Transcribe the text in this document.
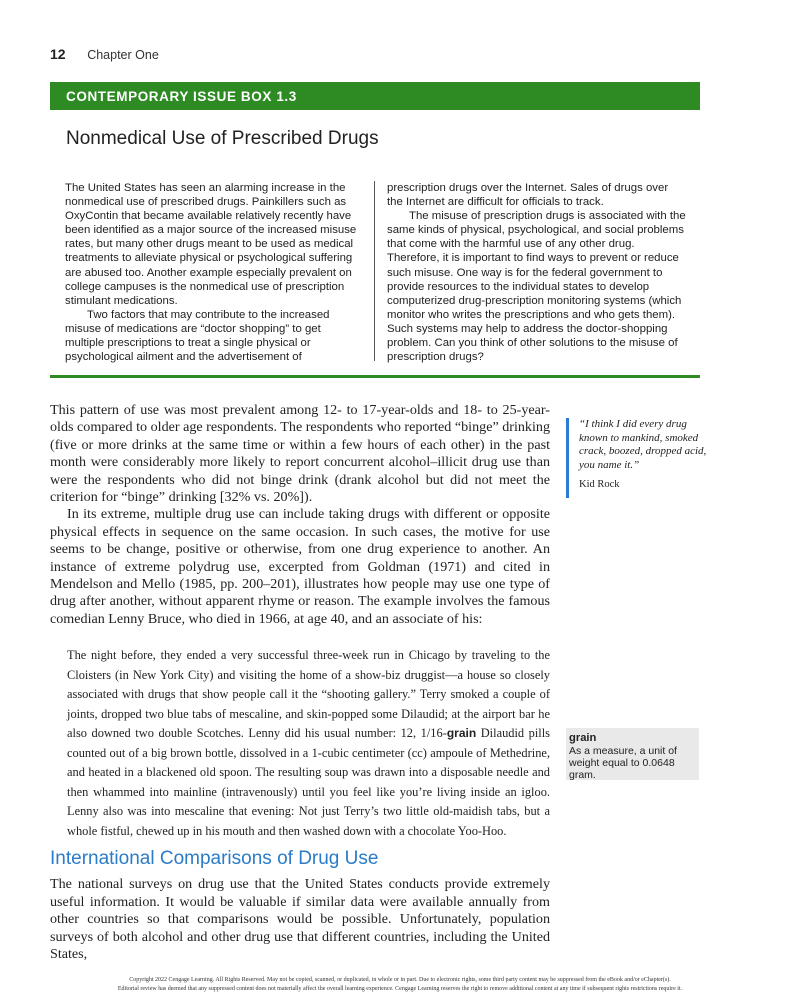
12 Chapter One
CONTEMPORARY ISSUE BOX 1.3
Nonmedical Use of Prescribed Drugs

The United States has seen an alarming increase in the nonmedical use of prescribed drugs. Painkillers such as OxyContin that became available relatively recently have been identified as a major source of the increased misuse rates, but many other drugs meant to be used as medical treatments to alleviate physical or psychological suffering are abused too. Another example especially prevalent on college campuses is the nonmedical use of prescription stimulant medications.

Two factors that may contribute to the increased misuse of medications are “doctor shopping” to get multiple prescriptions to treat a single physical or psychological ailment and the advertisement of

prescription drugs over the Internet. Sales of drugs over the Internet are difficult for officials to track.

The misuse of prescription drugs is associated with the same kinds of physical, psychological, and social problems that come with the harmful use of any other drug. Therefore, it is important to find ways to prevent or reduce such misuse. One way is for the federal government to provide resources to the individual states to develop computerized drug-prescription monitoring systems (which monitor who writes the prescriptions and who gets them). Such systems may help to address the doctor-shopping problem. Can you think of other solutions to the misuse of prescription drugs?

This pattern of use was most prevalent among 12- to 17-year-olds and 18- to 25-year-olds compared to older age respondents. The respondents who reported “binge” drinking (five or more drinks at the same time or within a few hours of each other) in the past month were considerably more likely to report concurrent alcohol–illicit drug use than were the respondents who did not binge drink (drank alcohol but did not meet the criterion for “binge” drinking [32% vs. 20%]).

In its extreme, multiple drug use can include taking drugs with different or opposite physical effects in sequence on the same occasion. In such cases, the motive for use seems to be change, positive or otherwise, from one drug experience to another. An instance of extreme polydrug use, excerpted from Goldman (1971) and cited in Mendelson and Mello (1985, pp. 200–201), illustrates how people may use one type of drug after another, without apparent rhyme or reason. The example involves the famous comedian Lenny Bruce, who died in 1966, at age 40, and an associate of his:

“I think I did every drug known to mankind, smoked crack, boozed, dropped acid, you name it.”

Kid Rock

The night before, they ended a very successful three-week run in Chicago by traveling to the Cloisters (in New York City) and visiting the home of a show-biz druggist—a house so closely associated with drugs that show people call it the “shooting gallery.” Terry smoked a couple of joints, dropped two blue tabs of mescaline, and skin-popped some Dilaudid; at the airport bar he also downed two double Scotches. Lenny did his usual number: 12, 1/16-grain Dilaudid pills counted out of a big brown bottle, dissolved in a 1-cubic centimeter (cc) ampoule of Methedrine, and heated in a blackened old spoon. The resulting soup was drawn into a disposable needle and then whammed into mainline (intravenously) until you feel like you’re living inside an igloo. Lenny also was into mescaline that evening: Not just Terry’s two little old-maidish tabs, but a whole fistful, chewed up in his mouth and then washed down with a chocolate Yoo-Hoo.

grain
As a measure, a unit of weight equal to 0.0648 gram.
International Comparisons of Drug Use

The national surveys on drug use that the United States conducts provide extremely useful information. It would be valuable if similar data were available annually from other countries so that comparisons would be possible. Unfortunately, population surveys of both alcohol and other drug use that different countries, including the United States,

Copyright 2022 Cengage Learning. All Rights Reserved. May not be copied, scanned, or duplicated, in whole or in part. Due to electronic rights, some third party content may be suppressed from the eBook and/or eChapter(s).
Editorial review has deemed that any suppressed content does not materially affect the overall learning experience. Cengage Learning reserves the right to remove additional content at any time if subsequent rights restrictions require it.
